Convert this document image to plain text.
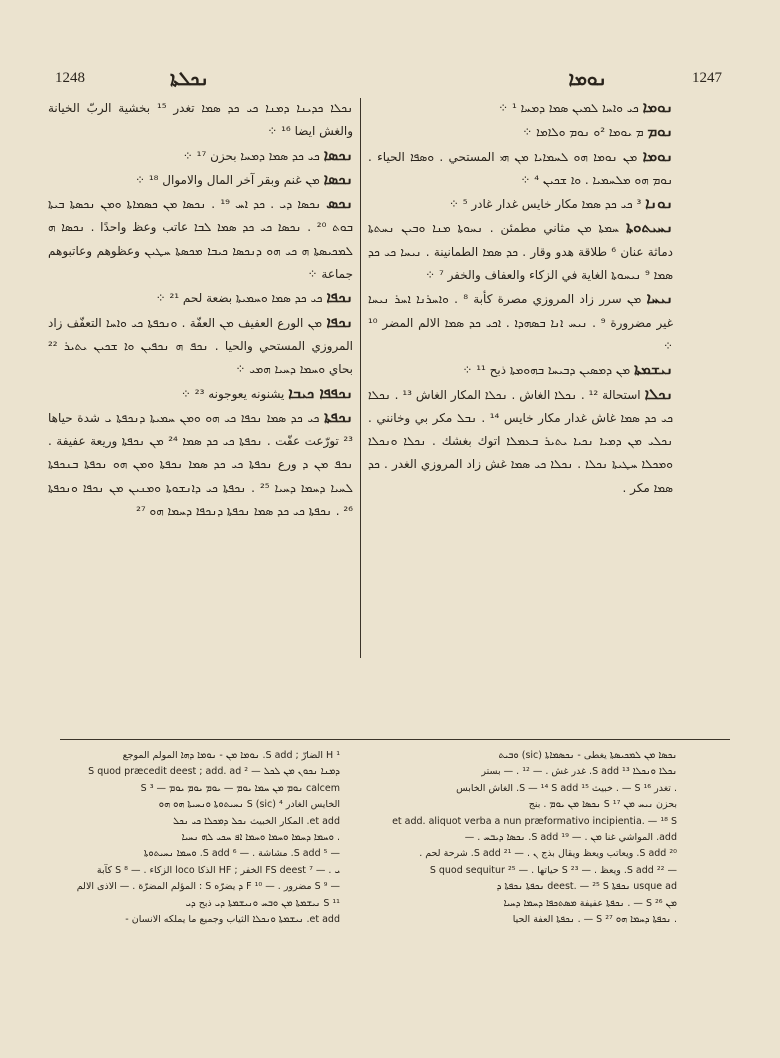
1248	ܢܟܠܬܐ	ܢܘܡܐ	1247

ܢܘܡܐ ܟܝ ܘܐܚܐ ܠܡܝܢ ܣܡܐ ܕܡܚܐ ¹ ⁘

ܢܘܡ ܡ ܝܘܡܐ ²ܘ ܢܘܡ ܘܠܐܡܐ ⁘

ܢܘܡܐ ܡܢ ܢܘܡܐ ܗܘ ܠܚܡܐܝܐ ܡܢ ܗܝ المستحي . ܘܣܦܐ الحياء . ܢܘܡ ܗܘ ܡܠܚܡܝܐ . ܘܐ ܫܟܝܢ ⁴ ⁘

ܢܘܢܐ ³ ܟܝ ܟܕ ܣܡܐ مكار خايس غدار غادر ⁵ ⁘

ܢܚܝܬܘܬܐ ܚܡܬܐ ܡܢ مثاني مطمئن . ܢܚܘܬܐ ܡܢܐ ܘܒܝܢ ܢܚܬܬܐ دماثة عنان ⁶ طلاقة هدو وقار . ܟܕ ܣܡܐ الطمانينة . ܢܝܚܐ ܟܝ ܟܕ ܣܡܐ ⁹ ܢܝܚܘܬܐ الغاية في الزكاء والعفاف والخفر ⁷ ⁘

ܢܝܚܐ ܡܢ سرر زاد المروزي مصرة كأبة ⁸ . ܘܐܚܪܢܐ ܐܚܪ ܢܝܚܐ غير مضرورة ⁹ . ܢܝܚ ܐܢܐ ܒܣܗܕܐ . ܐܟܝ ܟܕ ܣܡܐ الالم المضر ¹⁰ ⁘

ܢܝܫܡܬܐ ܡܢ ܕܡܣܝܢ ܕܒܝܚܐ ܒܗܘܡܬܐ ذبح ¹¹ ⁘

ܢܟܠܐ استحالة ¹² . ܢܟܠܐ الغاش . ܢܟܠܐ المكار الغاش ¹³ . ܢܟܠܐ ܟܝ ܟܕ ܣܡܐ غاش غدار مكار خايس ¹⁴ . ܢܒܠ مكر بي وخانني . ܢܟܠܝ ܡܢ ܕܡܝܐ ܢܟܝܐ ܝܬܝܪ ܒܥܡܠܐ اتوك بغشك . ܢܟܠܐ ܘܢܟܠܐ ܘܡܟܠܐ ܚܛܝܬܐ ܢܟܠܐ . ܢܟܠܐ ܟܝ ܣܡܐ غش زاد المروزي الغدر . ܟܕ ܣܡܐ مكر .

ܢܟܠܐ ܟܕܝܢܐ ܕܡܢܐ ܟܝ ܟܕ ܣܡܐ تغدر ¹⁵ بخشية الربّ الخيانة والغش ايضا ¹⁶ ⁘

ܢܟܣܐ ܟܝ ܟܕ ܣܡܐ ܕܡܚܐ بحزن ¹⁷ ⁘

ܢܟܣܐ ܡܢ غنم وبقر آخر المال والاموال ¹⁸ ⁘

ܢܟܣ ܢܟܣܐ ܕܝ . ܟܕ ܐܚ ¹⁹ . ܢܟܣܐ ܡܢ ܟܣܡܐܬܐ ܘܡܢ ܢܟܣܬܐ ܒܝܬܐ ܒܘܬ ²⁰ . ܢܟܣܐ ܟܝ ܟܕ ܣܡܐ ܠܒܐ عاتب وعظ واحدًا . ܢܟܣܐ ܗ ܠܡܟܝܣܬܐ ܗ ܟܝ ܗܘ ܕܢܟܣܐ ܟܝܒܐ ܡܟܣܬܐ ܚܛܝܢ وعظوهم وعاتبوهم جماعة ⁘

ܢܟܦܐ ܟܝ ܟܕ ܣܡܐ ܘܚܡܝܬܐ بضعة لحم ²¹ ⁘

ܢܟܦܐ ܡܢ الورع العفيف ܡܢ العفّة . ܘܢܟܦܬܐ ܟܝ ܘܐܚܐ التعفّف زاد المروزي المستحي والحيا . ܢܟܦ ܗ ܢܟܦܝܢ ܘܐ ܫܟܝܢ ܝܬܝܪ ²² بحاي ܘܚܡܐ ܕܚܝܐ ܗܡܝ ⁘

ܢܟܦܦܐ ܟܝܒܐ يشنونه يعوجونه ²³ ⁘

ܢܟܦܬܐ ܟܝ ܟܕ ܣܡܐ ܢܟܦܐ ܟܝ ܗܘ ܘܡܢ ܚܡܝܬܐ ܕܢܟܦܬܐ ܝ شدة حياها ²³ تورّعت عفّت . ܢܟܦܬܐ ܟܝ ܟܕ ܣܡܐ ²⁴ ܡܢ ܢܟܦܬܐ وريعة عفيفة . ܢܟܦ ܡܢ ܕ ورع ܢܟܦܬܐ ܟܝ ܟܕ ܣܡܐ ܢܟܦܬܐ ܘܡܢ ܗܘ ܢܟܦܬܐ ܒܢܟܦܬܐ ܠܚܝܐ ܕܚܡܐ ܕܚܝܐ ²⁵ . ܢܟܦܬܐ ܟܝ ܕܐܢܫܘܬܐ ܘܡܢܝܢ ܡܢ ܢܟܦܐ ܘܢܟܦܬܐ ²⁶ . ܢܟܦܬܐ ܟܝ ܟܕ ܣܡܐ ܢܟܦܬܐ ܕܢܟܦܐ ܕܚܡܐ ܗܘ ²⁷

¹ H الضارّ ; S add. ܢܘܡܐ ܡܢ - ܢܘܡܐ ܕܗܐ المولم الموجع

ܕܡܢܐ ܢܟܘܢ ܡܢ ܠܟܠ — ² S quod præcedit deest ; add. ad

calcem ܢܘܡ ܡܢ ܚܡܐ ܝܘܡ — ܝܘܡ ܝܘܡ ܝܘܡ — ³ S

الخايس الغادر ⁴ S (sic) ܢܚܝܬܘܬܐ ܘܢܚܝܬܐ ܗܘ ܗܘ

et add. المكار الخبيث ܢܟܠ ܕܡܟܠܐ ܟܝ ܢܟܠ

. ܘܚܡܐ ܕܚܡܐ ܘܚܡܐ ܘܚܡܐ ܐܦ ܚܟܝ ܠܗ ܢܚܝܐ

— ⁵ S add. مشاشة . — ⁶ S add. ܘܚܡܐ ܢܚܝܬܘܬܐ

ܝ . — ⁷ FS deest الخفر ; HF الذكا loco الزكاء . — ⁸ S كآبة

— ⁹ S مضرور . — ¹⁰ F ܕ يضرّه S : المؤلم المضرّة . — الاذى الالم

¹¹ S ܢܝܫܡܬܐ ܡܢ ܘܒܚ ܘܢܝܫܡܬܐ ܕܝ ذبح ܕܝ

et add. ܢܝܫܡܬܐ ܘܢܟܠܐ الثياب وجميع ما يملكه الانسان -

ܢܟܣܐ ܡܢ ܠܡܟܝܣܬܐ يغطى - ܢܟܣܡܐܬܐ (sic) ܘܒܝܬ

ܢܟܠܐ ܘܢܟܠܐ ¹³ S add. غدر غش . — ¹² . — بستر

. تغدر ¹⁶ S — . خبيث ¹⁵ S — ¹⁴ S add. الغاش الخابس

بحزن ܢܝܚ ܡܢ ¹⁷ S ܢܟܣܐ ܡܢ ܝܘܡ . بنج

et add. aliquot verba a nun præformativo incipientia. — ¹⁸ S

add. المواشي غنا ܡܢ . — ¹⁹ S add. ܢܟܣܐ ܕܝܒܚ . —

²⁰ S add. ويعاتب ويعظ ويقال بذج ܢ . — ²¹ S add. شرحة لحم .

— ²² S add. ويعظ . — ²³ S حياتها . — ²⁵ S quod sequitur

usque ad ܢܟܦܬܐ deest. — ²⁵ S ܢܟܦܬܐ ܢܟܦܬܐ ܕ

ܡܢ ²⁶ S — . ܢܟܦܬܐ عفيفة ܡܣܬܟܦܐ ܕܚܡܐ ܕܚܝܐ

. ܢܟܦܬܐ ܕܚܡܐ ܗܘ ²⁷ S — . ܢܟܦܬܐ العفة الحيا
